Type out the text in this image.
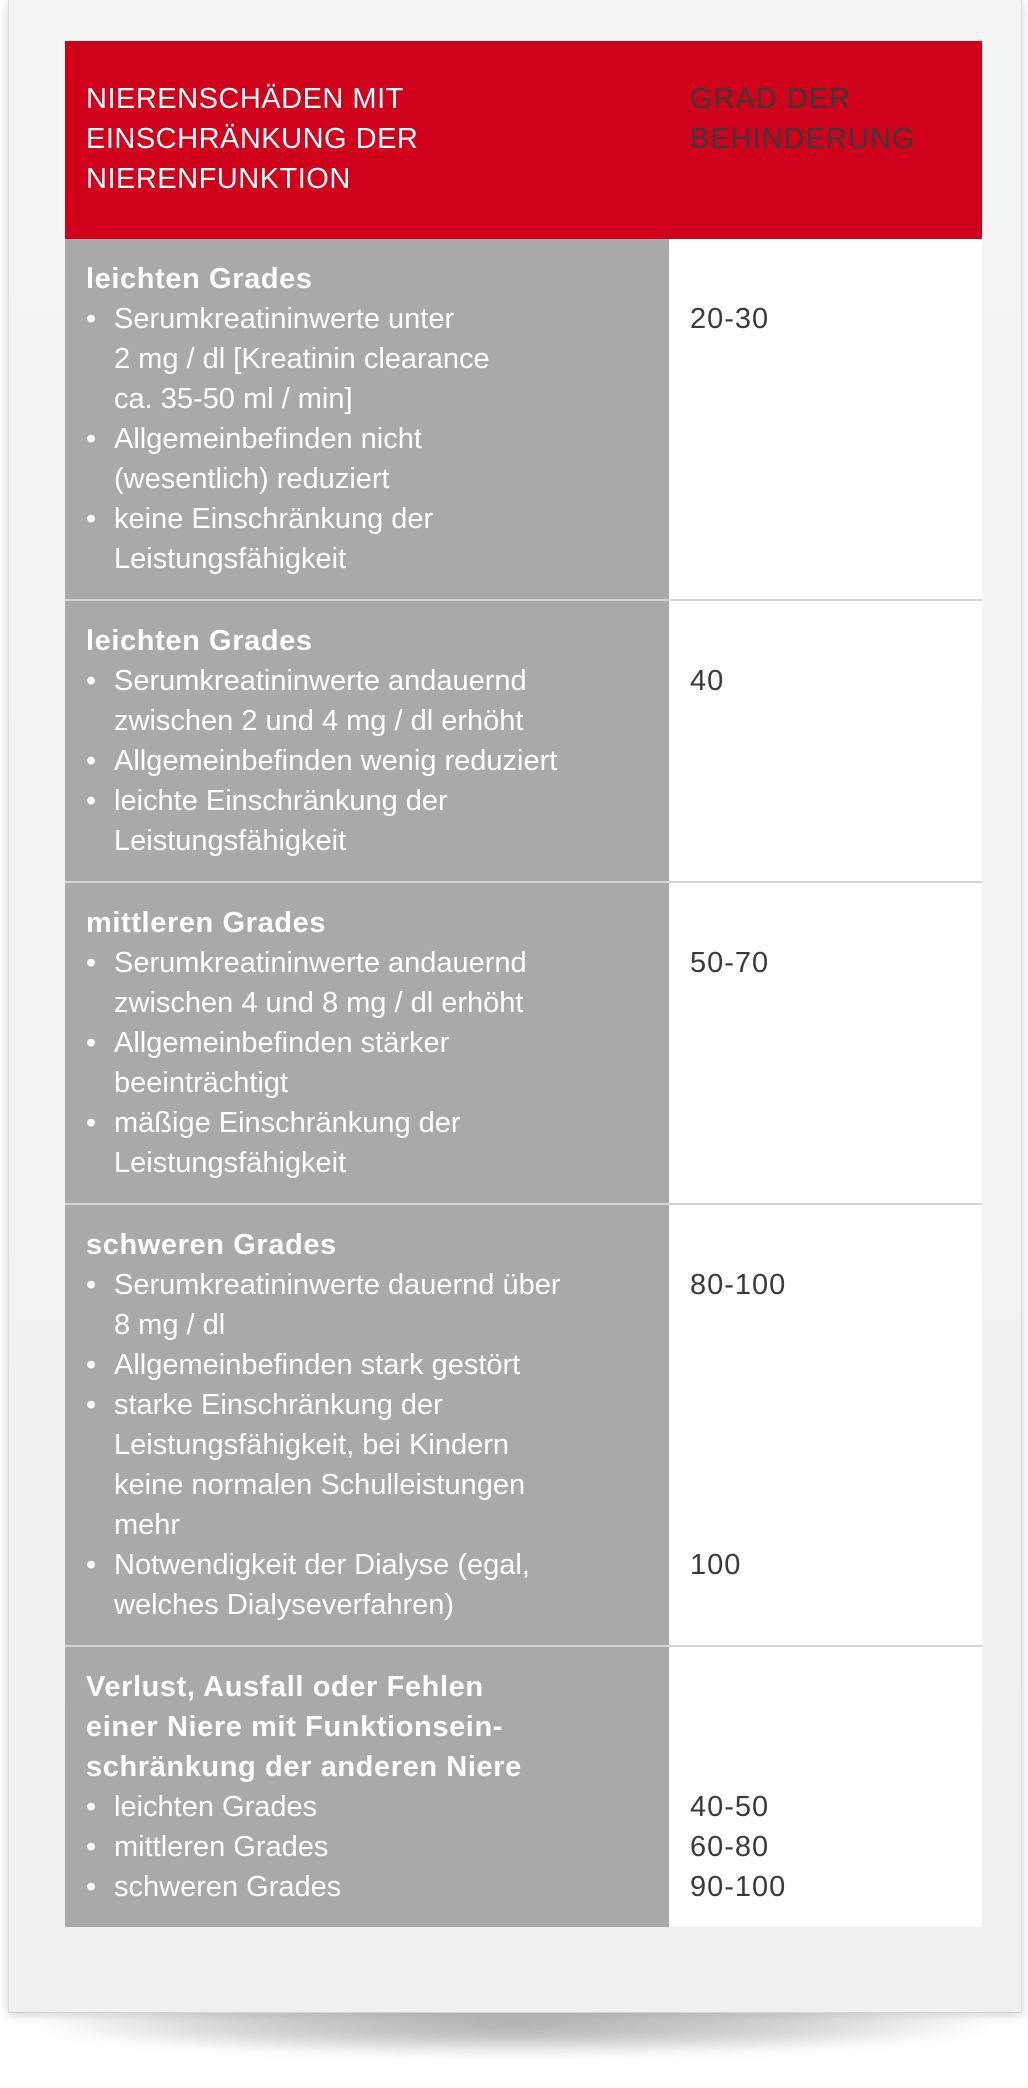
NIERENSCHÄDEN MIT
EINSCHRÄNKUNG DER
NIERENFUNKTION
GRAD DER
BEHINDERUNG
leichten Grades
• Serumkreatininwerte unter
2 mg / dl [Kreatinin clearance
ca. 35-50 ml / min]
• Allgemeinbefinden nicht
(wesentlich) reduziert
• keine Einschränkung der
Leistungsfähigkeit
20-30
leichten Grades
• Serumkreatininwerte andauernd
zwischen 2 und 4 mg / dl erhöht
• Allgemeinbefinden wenig reduziert
• leichte Einschränkung der
Leistungsfähigkeit
40
mittleren Grades
• Serumkreatininwerte andauernd
zwischen 4 und 8 mg / dl erhöht
• Allgemeinbefinden stärker
beeinträchtigt
• mäßige Einschränkung der
Leistungsfähigkeit
50-70
schweren Grades
• Serumkreatininwerte dauernd über
8 mg / dl
• Allgemeinbefinden stark gestört
• starke Einschränkung der
Leistungsfähigkeit, bei Kindern
keine normalen Schulleistungen
mehr
• Notwendigkeit der Dialyse (egal,
welches Dialyseverfahren)
80-100

100
Verlust, Ausfall oder Fehlen
einer Niere mit Funktionsein-
schränkung der anderen Niere
• leichten Grades
• mittleren Grades
• schweren Grades

40-50
60-80
90-100
